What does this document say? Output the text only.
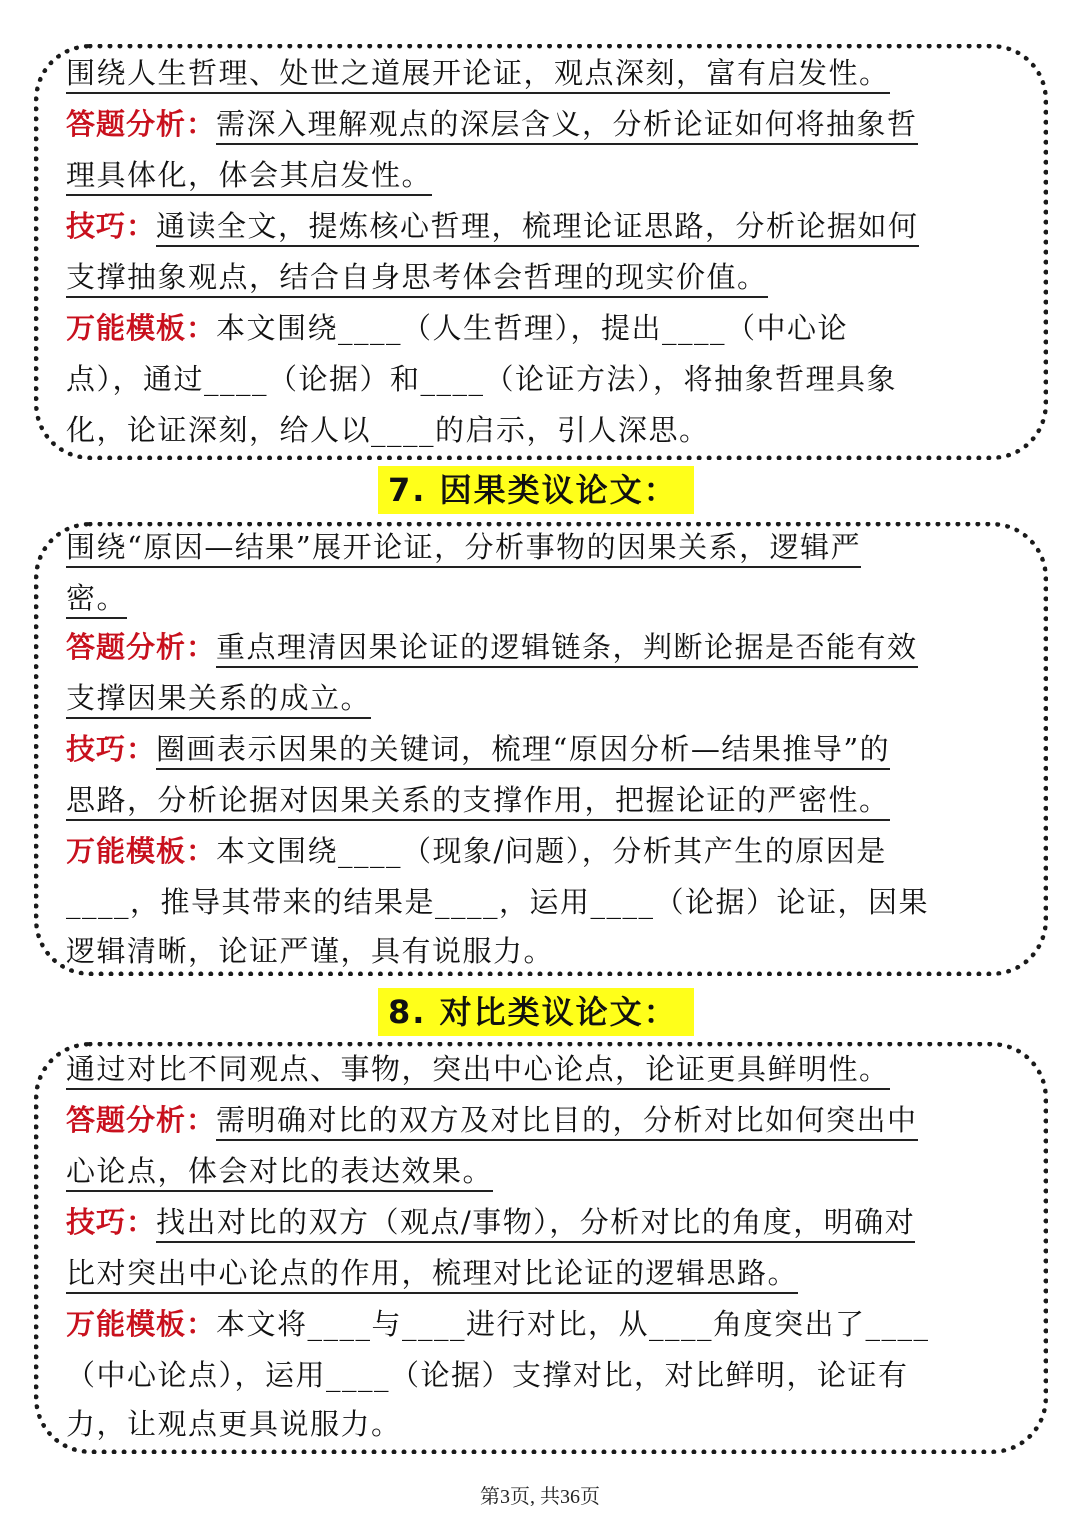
围绕人生哲理、处世之道展开论证，观点深刻，富有启发性。
答题分析：需深入理解观点的深层含义，分析论证如何将抽象哲
理具体化，体会其启发性。
技巧：通读全文，提炼核心哲理，梳理论证思路，分析论据如何
支撑抽象观点，结合自身思考体会哲理的现实价值。
万能模板：本文围绕____（人生哲理），提出____（中心论
点），通过____（论据）和____（论证方法），将抽象哲理具象
化，论证深刻，给人以____的启示，引人深思。
7. 因果类议论文：
围绕“原因—结果”展开论证，分析事物的因果关系，逻辑严
密。
答题分析：重点理清因果论证的逻辑链条，判断论据是否能有效
支撑因果关系的成立。
技巧：圈画表示因果的关键词，梳理“原因分析—结果推导”的
思路，分析论据对因果关系的支撑作用，把握论证的严密性。
万能模板：本文围绕____（现象/问题），分析其产生的原因是
____，推导其带来的结果是____，运用____（论据）论证，因果
逻辑清晰，论证严谨，具有说服力。
8. 对比类议论文：
通过对比不同观点、事物，突出中心论点，论证更具鲜明性。
答题分析：需明确对比的双方及对比目的，分析对比如何突出中
心论点，体会对比的表达效果。
技巧：找出对比的双方（观点/事物），分析对比的角度，明确对
比对突出中心论点的作用，梳理对比论证的逻辑思路。
万能模板：本文将____与____进行对比，从____角度突出了____
（中心论点），运用____（论据）支撑对比，对比鲜明，论证有
力，让观点更具说服力。
第3页, 共36页
